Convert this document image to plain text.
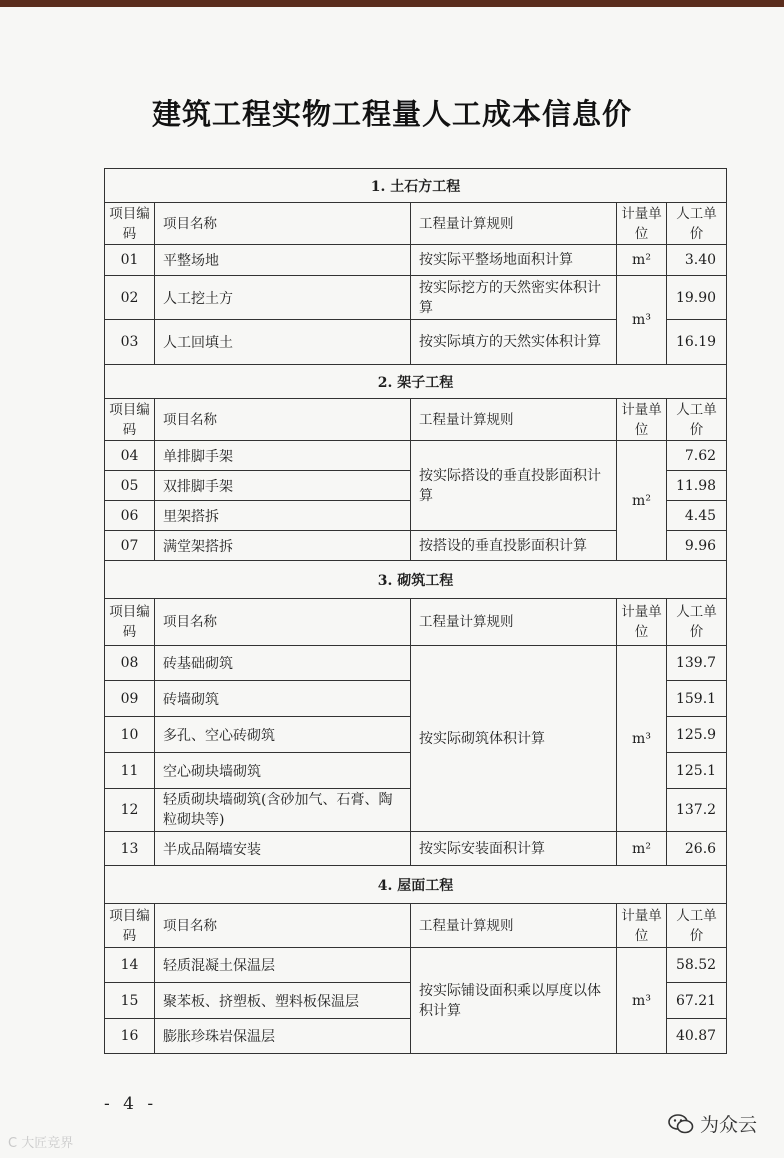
建筑工程实物工程量人工成本信息价
1. 土石方工程				
项目编码	项目名称	工程量计算规则	计量单位	人工单价
01	平整场地	按实际平整场地面积计算	m²	3.40
02	人工挖土方	按实际挖方的天然密实体积计算	m³	19.90
03	人工回填土	按实际填方的天然实体积计算		16.19
2. 架子工程				
项目编码	项目名称	工程量计算规则	计量单位	人工单价
04	单排脚手架	按实际搭设的垂直投影面积计算	m²	7.62
05	双排脚手架			11.98
06	里架搭拆			4.45
07	满堂架搭拆	按搭设的垂直投影面积计算		9.96
3. 砌筑工程				
项目编码	项目名称	工程量计算规则	计量单位	人工单价
08	砖基础砌筑	按实际砌筑体积计算	m³	139.7
09	砖墙砌筑			159.1
10	多孔、空心砖砌筑			125.9
11	空心砌块墙砌筑			125.1
12	轻质砌块墙砌筑(含砂加气、石膏、陶粒砌块等)			137.2
13	半成品隔墙安装	按实际安装面积计算	m²	26.6
4. 屋面工程				
项目编码	项目名称	工程量计算规则	计量单位	人工单价
14	轻质混凝土保温层	按实际铺设面积乘以厚度以体积计算	m³	58.52
15	聚苯板、挤塑板、塑料板保温层			67.21
16	膨胀珍珠岩保温层			40.87
- 4 -
C 大匠竞界
为众云
